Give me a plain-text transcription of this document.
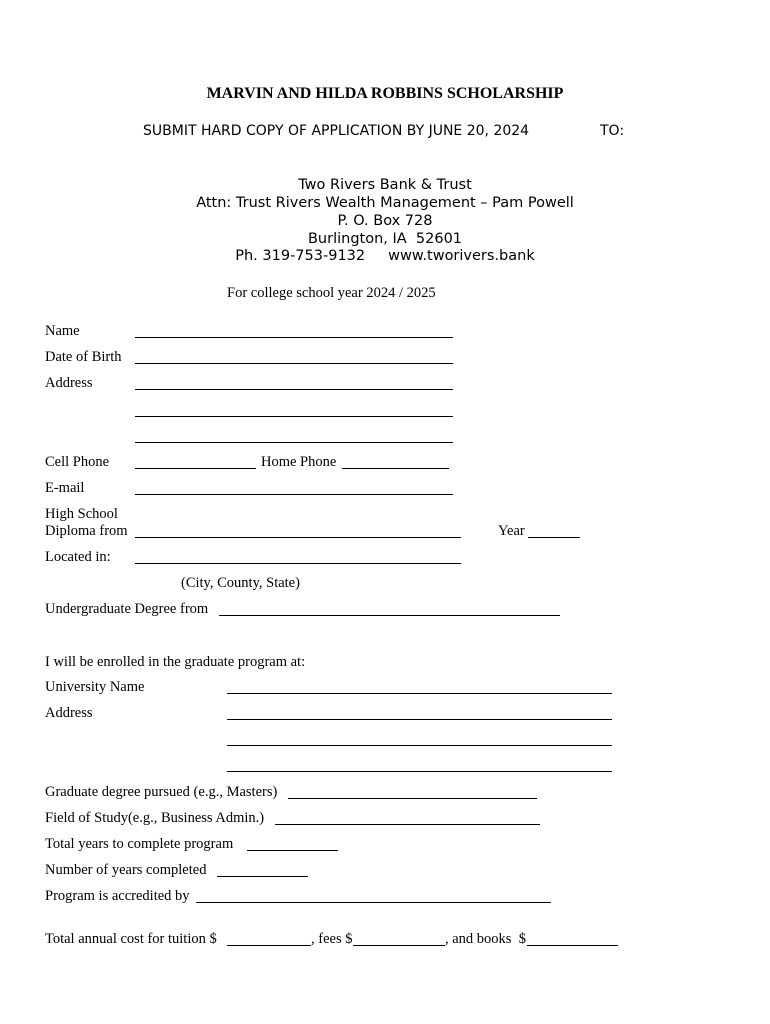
MARVIN AND HILDA ROBBINS SCHOLARSHIP
SUBMIT HARD COPY OF APPLICATION BY JUNE 20, 2024	TO:
Two Rivers Bank & Trust
Attn: Trust Rivers Wealth Management – Pam Powell
P. O. Box 728
Burlington, IA  52601
Ph. 319-753-9132     www.tworivers.bank
For college school year 2024 / 2025
Name
Date of Birth
Address
Cell Phone	Home Phone
E-mail
High School
Diploma from	Year
Located in:
(City, County, State)
Undergraduate Degree from
I will be enrolled in the graduate program at:
University Name
Address
Graduate degree pursued (e.g., Masters)
Field of Study(e.g., Business Admin.)
Total years to complete program
Number of years completed
Program is accredited by
Total annual cost for tuition $	, fees $	, and books  $
